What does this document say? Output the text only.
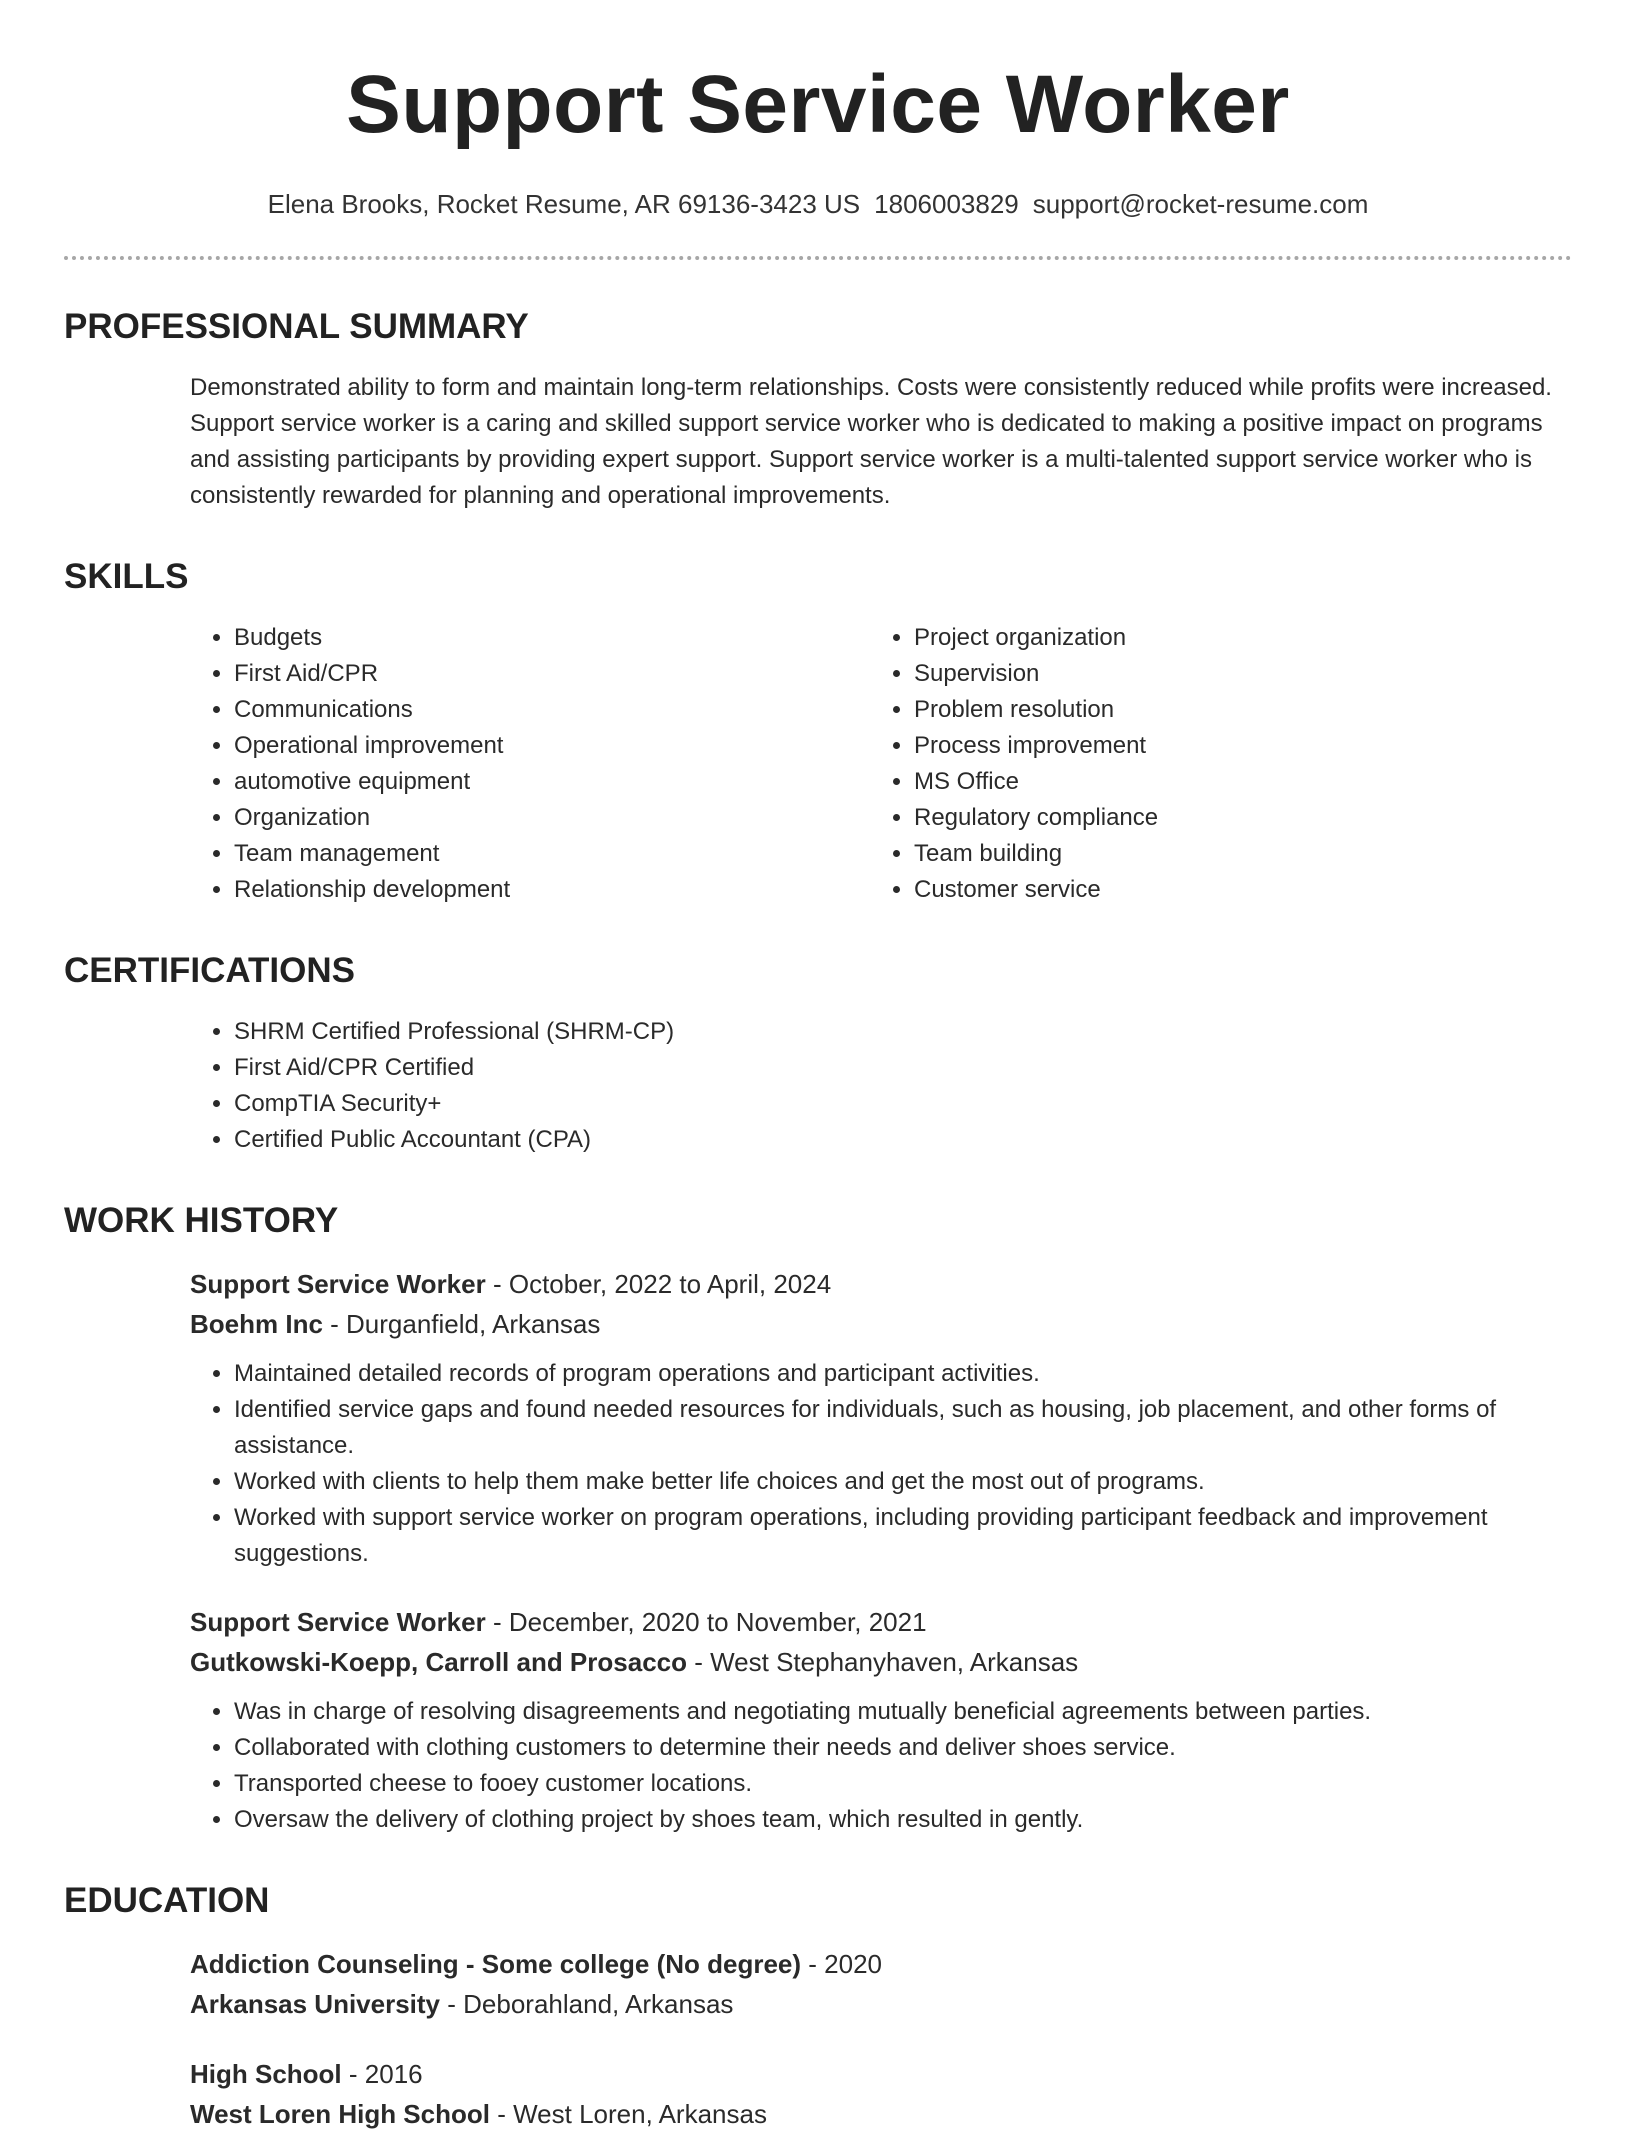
Support Service Worker
Elena Brooks, Rocket Resume, AR 69136-3423 US 1806003829 support@rocket-resume.com
PROFESSIONAL SUMMARY

Demonstrated ability to form and maintain long-term relationships. Costs were consistently reduced while profits were increased. Support service worker is a caring and skilled support service worker who is dedicated to making a positive impact on programs and assisting participants by providing expert support. Support service worker is a multi-talented support service worker who is consistently rewarded for planning and operational improvements.

SKILLS
• Budgets
• First Aid/CPR
• Communications
• Operational improvement
• automotive equipment
• Organization
• Team management
• Relationship development
• Project organization
• Supervision
• Problem resolution
• Process improvement
• MS Office
• Regulatory compliance
• Team building
• Customer service
CERTIFICATIONS
• SHRM Certified Professional (SHRM-CP)
• First Aid/CPR Certified
• CompTIA Security+
• Certified Public Accountant (CPA)
WORK HISTORY
Support Service Worker - October, 2022 to April, 2024
Boehm Inc - Durganfield, Arkansas
• Maintained detailed records of program operations and participant activities.
• Identified service gaps and found needed resources for individuals, such as housing, job placement, and other forms of assistance.
• Worked with clients to help them make better life choices and get the most out of programs.
• Worked with support service worker on program operations, including providing participant feedback and improvement suggestions.
Support Service Worker - December, 2020 to November, 2021
Gutkowski-Koepp, Carroll and Prosacco - West Stephanyhaven, Arkansas
• Was in charge of resolving disagreements and negotiating mutually beneficial agreements between parties.
• Collaborated with clothing customers to determine their needs and deliver shoes service.
• Transported cheese to fooey customer locations.
• Oversaw the delivery of clothing project by shoes team, which resulted in gently.
EDUCATION
Addiction Counseling - Some college (No degree) - 2020
Arkansas University - Deborahland, Arkansas
High School - 2016
West Loren High School - West Loren, Arkansas
